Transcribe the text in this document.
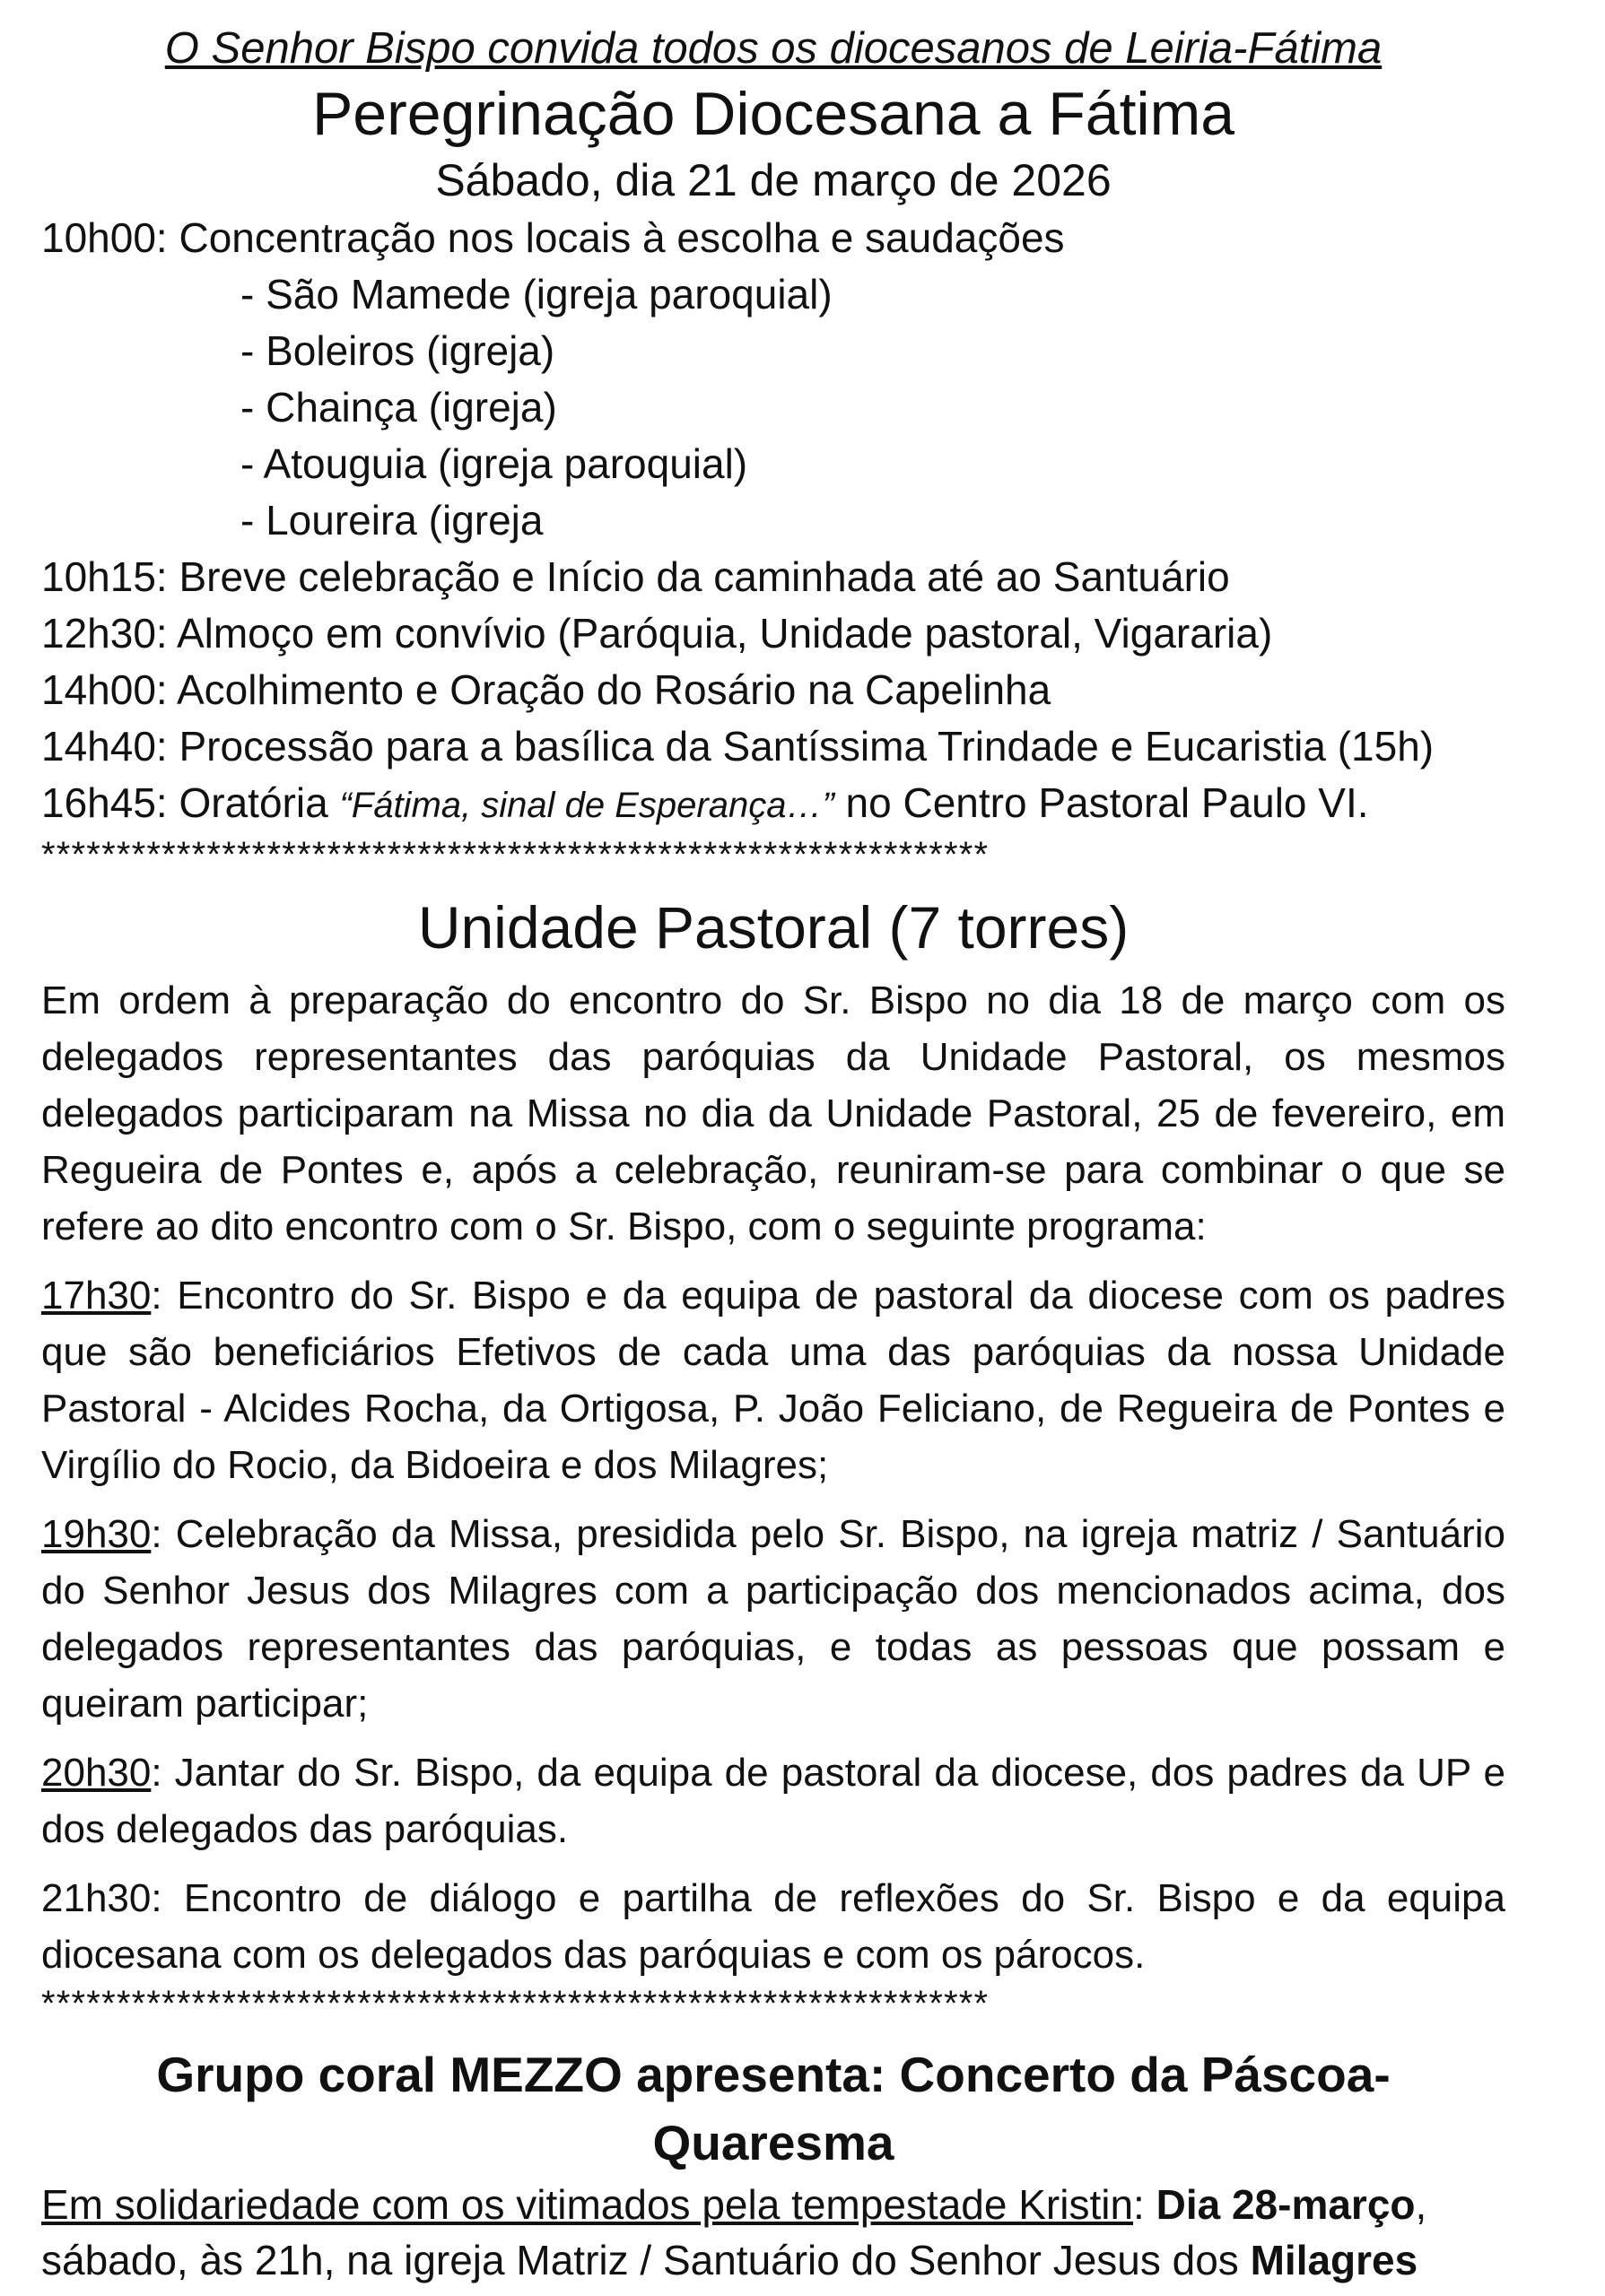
O Senhor Bispo convida todos os diocesanos de Leiria-Fátima
Peregrinação Diocesana a Fátima
Sábado, dia 21 de março de 2026
10h00: Concentração nos locais à escolha e saudações
- São Mamede (igreja paroquial)
- Boleiros (igreja)
- Chainça (igreja)
- Atouguia (igreja paroquial)
- Loureira (igreja
10h15: Breve celebração e Início da caminhada até ao Santuário
12h30: Almoço em convívio (Paróquia, Unidade pastoral, Vigararia)
14h00: Acolhimento e Oração do Rosário na Capelinha
14h40: Processão para a basílica da Santíssima Trindade e Eucaristia (15h)
16h45: Oratória “Fátima, sinal de Esperança…” no Centro Pastoral Paulo VI.
***************************************************************
Unidade Pastoral (7 torres)
Em ordem à preparação do encontro do Sr. Bispo no dia 18 de março com os delegados representantes das paróquias da Unidade Pastoral, os mesmos delegados participaram na Missa no dia da Unidade Pastoral, 25 de fevereiro, em Regueira de Pontes e, após a celebração, reuniram-se para combinar o que se refere ao dito encontro com o Sr. Bispo, com o seguinte programa:
17h30: Encontro do Sr. Bispo e da equipa de pastoral da diocese com os padres que são beneficiários Efetivos de cada uma das paróquias da nossa Unidade Pastoral - Alcides Rocha, da Ortigosa, P. João Feliciano, de Regueira de Pontes e Virgílio do Rocio, da Bidoeira e dos Milagres;
19h30: Celebração da Missa, presidida pelo Sr. Bispo, na igreja matriz / Santuário do Senhor Jesus dos Milagres com a participação dos mencionados acima, dos delegados representantes das paróquias, e todas as pessoas que possam e queiram participar;
20h30: Jantar do Sr. Bispo, da equipa de pastoral da diocese, dos padres da UP e dos delegados das paróquias.
21h30: Encontro de diálogo e partilha de reflexões do Sr. Bispo e da equipa diocesana com os delegados das paróquias e com os párocos.
***************************************************************
Grupo coral MEZZO apresenta: Concerto da Páscoa-Quaresma
Em solidariedade com os vitimados pela tempestade Kristin: Dia 28-março, sábado, às 21h, na igreja Matriz / Santuário do Senhor Jesus dos Milagres
